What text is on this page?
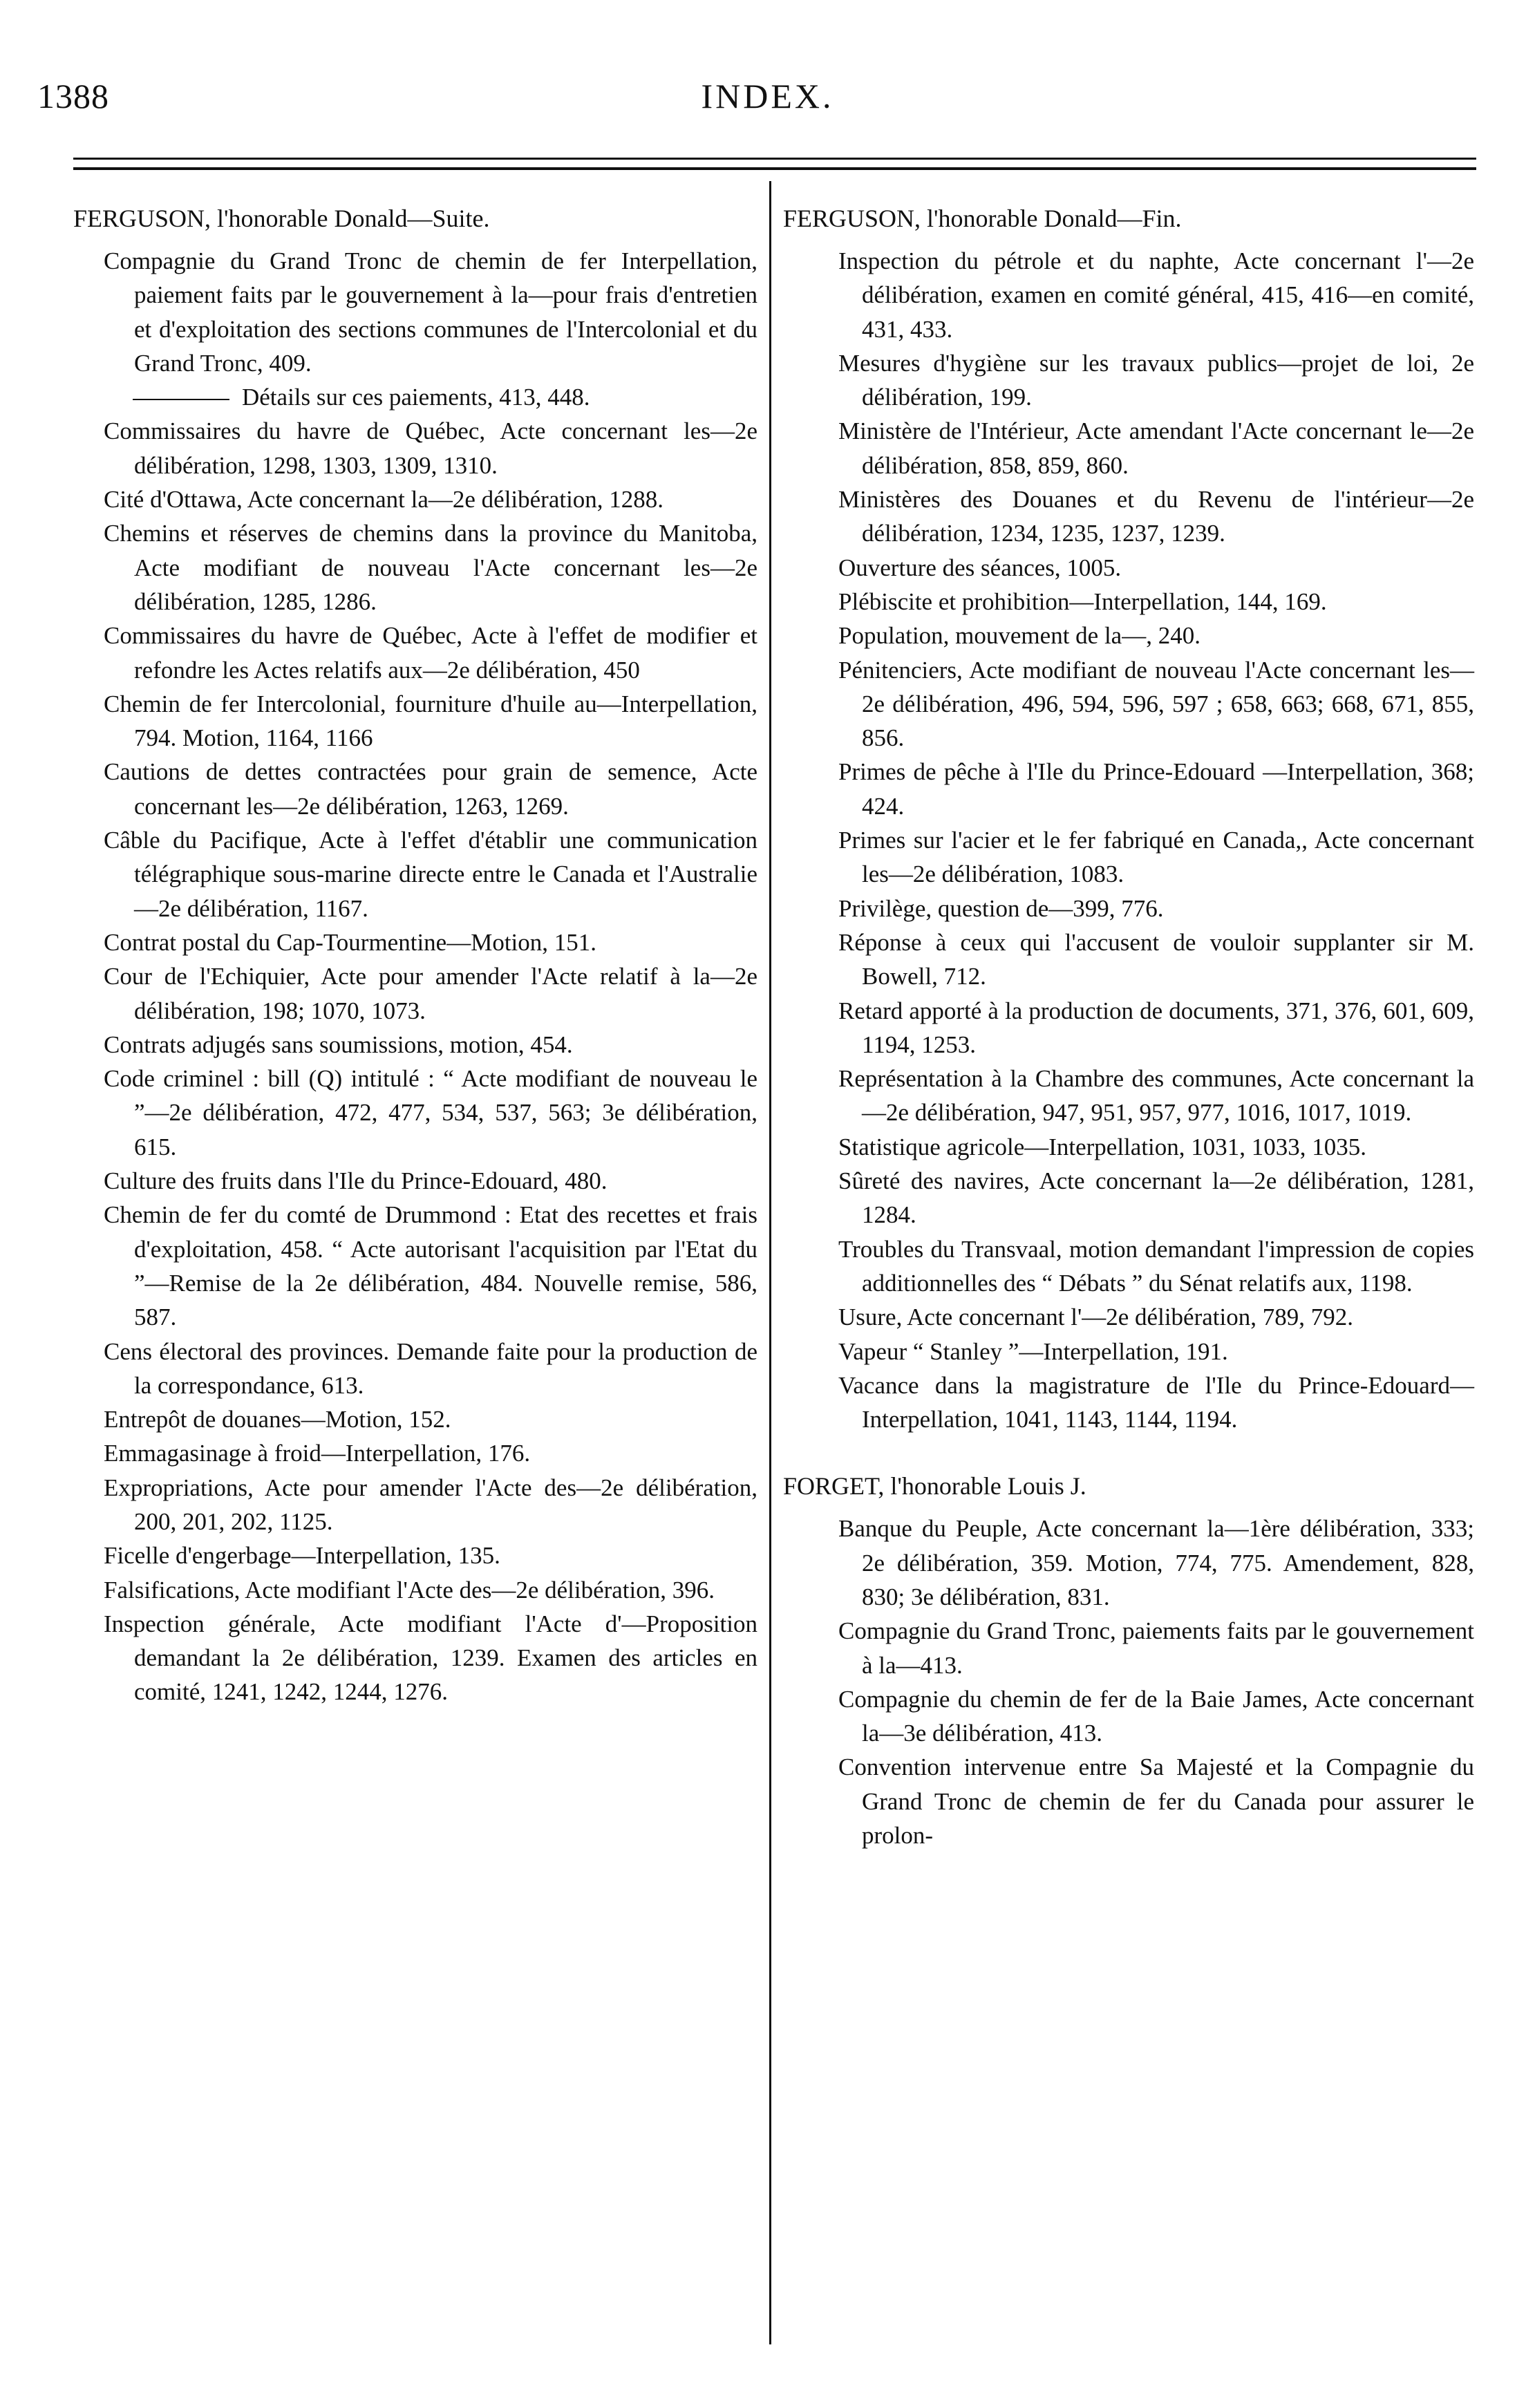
1388	INDEX.

FERGUSON, l'honorable Donald—Suite.

Compagnie du Grand Tronc de chemin de fer Interpellation, paiement faits par le gouvernement à la—pour frais d'entretien et d'exploitation des sections communes de l'Intercolonial et du Grand Tronc, 409.

Détails sur ces paiements, 413, 448.

Commissaires du havre de Québec, Acte concernant les—2e délibération, 1298, 1303, 1309, 1310.

Cité d'Ottawa, Acte concernant la—2e délibération, 1288.

Chemins et réserves de chemins dans la province du Manitoba, Acte modifiant de nouveau l'Acte concernant les—2e délibération, 1285, 1286.

Commissaires du havre de Québec, Acte à l'effet de modifier et refondre les Actes relatifs aux—2e délibération, 450

Chemin de fer Intercolonial, fourniture d'huile au—Interpellation, 794. Motion, 1164, 1166

Cautions de dettes contractées pour grain de semence, Acte concernant les—2e délibération, 1263, 1269.

Câble du Pacifique, Acte à l'effet d'établir une communication télégraphique sous-marine directe entre le Canada et l'Australie—2e délibération, 1167.

Contrat postal du Cap-Tourmentine—Motion, 151.

Cour de l'Echiquier, Acte pour amender l'Acte relatif à la—2e délibération, 198; 1070, 1073.

Contrats adjugés sans soumissions, motion, 454.

Code criminel : bill (Q) intitulé : “ Acte modifiant de nouveau le ”—2e délibération, 472, 477, 534, 537, 563; 3e délibération, 615.

Culture des fruits dans l'Ile du Prince-Edouard, 480.

Chemin de fer du comté de Drummond : Etat des recettes et frais d'exploitation, 458. “ Acte autorisant l'acquisition par l'Etat du ”—Remise de la 2e délibération, 484. Nouvelle remise, 586, 587.

Cens électoral des provinces. Demande faite pour la production de la correspondance, 613.

Entrepôt de douanes—Motion, 152.

Emmagasinage à froid—Interpellation, 176.

Expropriations, Acte pour amender l'Acte des—2e délibération, 200, 201, 202, 1125.

Ficelle d'engerbage—Interpellation, 135.

Falsifications, Acte modifiant l'Acte des—2e délibération, 396.

Inspection générale, Acte modifiant l'Acte d'—Proposition demandant la 2e délibération, 1239. Examen des articles en comité, 1241, 1242, 1244, 1276.

FERGUSON, l'honorable Donald—Fin.

Inspection du pétrole et du naphte, Acte concernant l'—2e délibération, examen en comité général, 415, 416—en comité, 431, 433.

Mesures d'hygiène sur les travaux publics—projet de loi, 2e délibération, 199.

Ministère de l'Intérieur, Acte amendant l'Acte concernant le—2e délibération, 858, 859, 860.

Ministères des Douanes et du Revenu de l'intérieur—2e délibération, 1234, 1235, 1237, 1239.

Ouverture des séances, 1005.

Plébiscite et prohibition—Interpellation, 144, 169.

Population, mouvement de la—, 240.

Pénitenciers, Acte modifiant de nouveau l'Acte concernant les—2e délibération, 496, 594, 596, 597 ; 658, 663; 668, 671, 855, 856.

Primes de pêche à l'Ile du Prince-Edouard —Interpellation, 368; 424.

Primes sur l'acier et le fer fabriqué en Canada,, Acte concernant les—2e délibération, 1083.

Privilège, question de—399, 776.

Réponse à ceux qui l'accusent de vouloir supplanter sir M. Bowell, 712.

Retard apporté à la production de documents, 371, 376, 601, 609, 1194, 1253.

Représentation à la Chambre des communes, Acte concernant la—2e délibération, 947, 951, 957, 977, 1016, 1017, 1019.

Statistique agricole—Interpellation, 1031, 1033, 1035.

Sûreté des navires, Acte concernant la—2e délibération, 1281, 1284.

Troubles du Transvaal, motion demandant l'impression de copies additionnelles des “ Débats ” du Sénat relatifs aux, 1198.

Usure, Acte concernant l'—2e délibération, 789, 792.

Vapeur “ Stanley ”—Interpellation, 191.

Vacance dans la magistrature de l'Ile du Prince-Edouard—Interpellation, 1041, 1143, 1144, 1194.

FORGET, l'honorable Louis J.

Banque du Peuple, Acte concernant la—1ère délibération, 333; 2e délibération, 359. Motion, 774, 775. Amendement, 828, 830; 3e délibération, 831.

Compagnie du Grand Tronc, paiements faits par le gouvernement à la—413.

Compagnie du chemin de fer de la Baie James, Acte concernant la—3e délibération, 413.

Convention intervenue entre Sa Majesté et la Compagnie du Grand Tronc de chemin de fer du Canada pour assurer le prolon-
